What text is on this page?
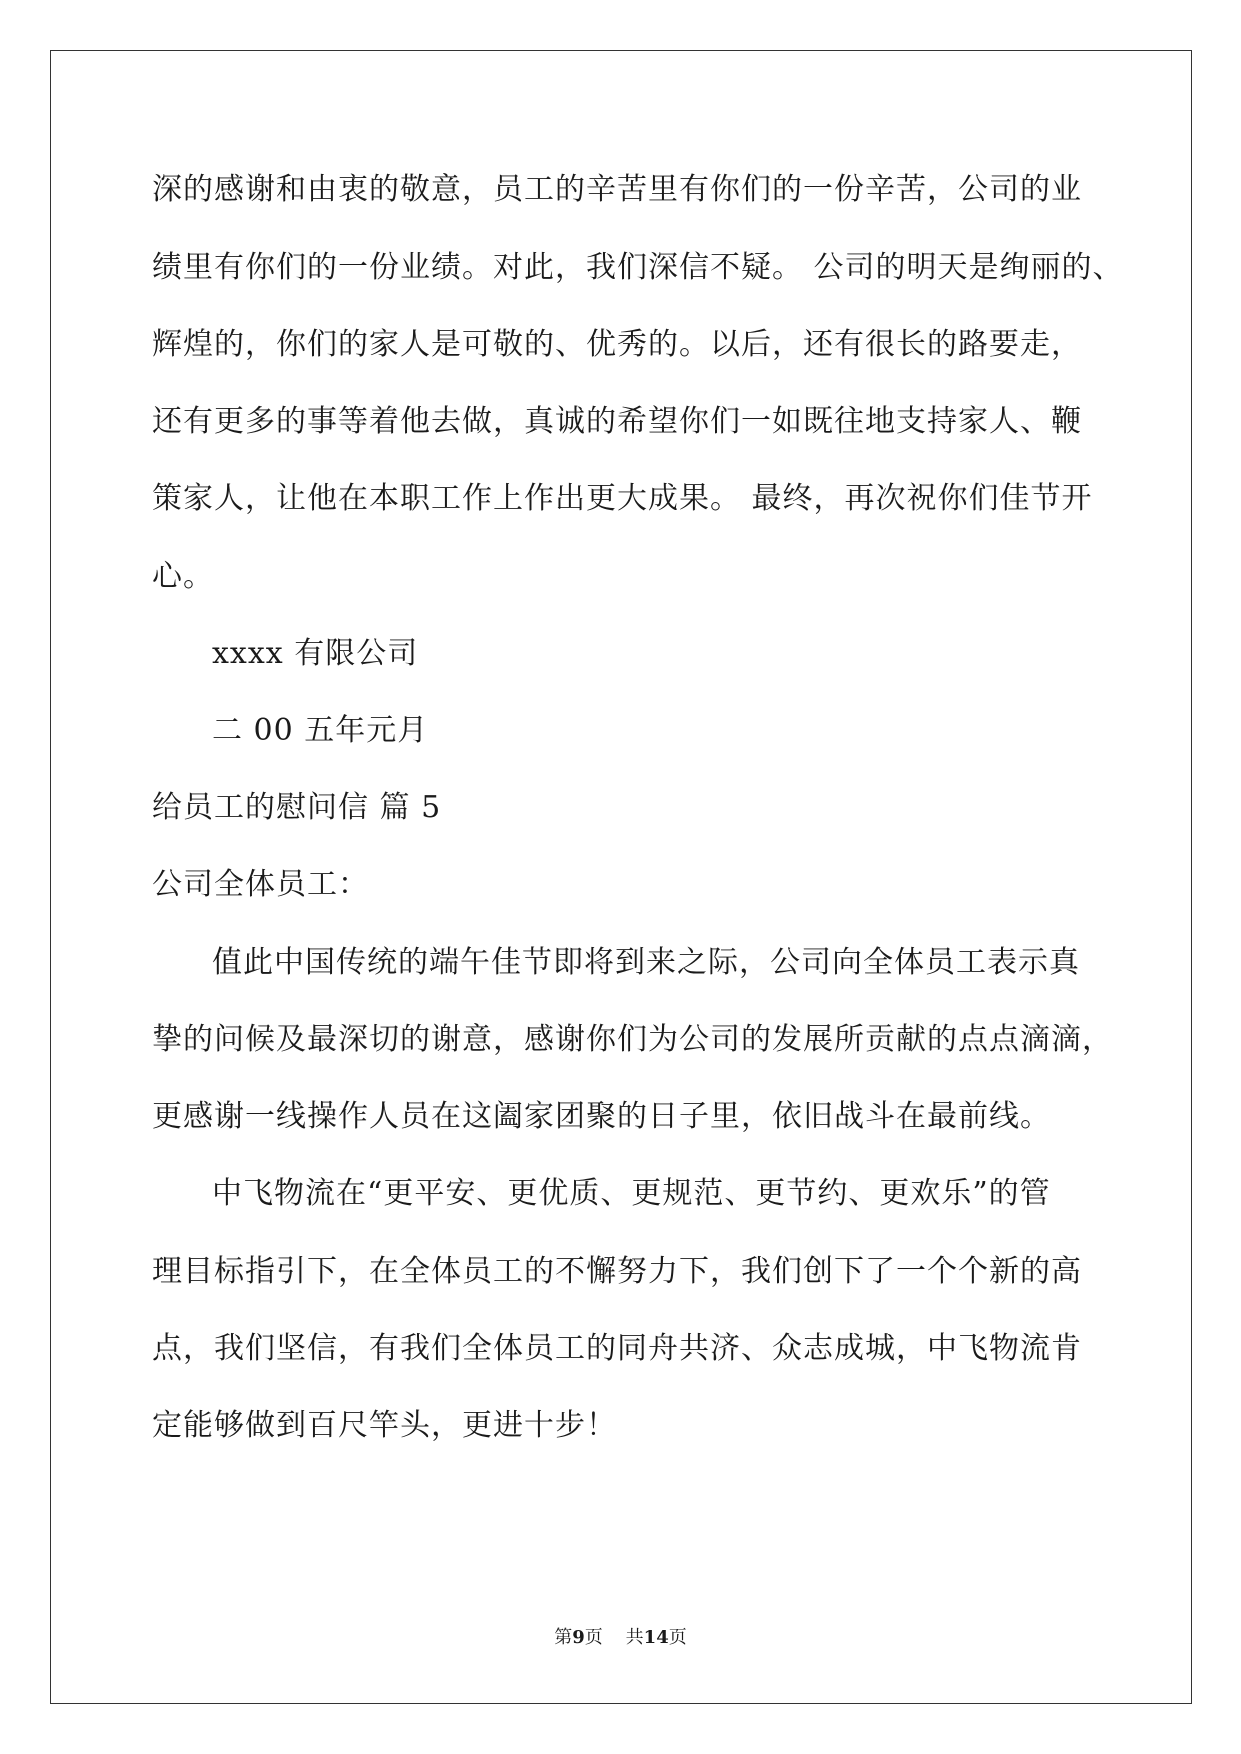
深的感谢和由衷的敬意，员工的辛苦里有你们的一份辛苦，公司的业
绩里有你们的一份业绩。对此，我们深信不疑。 公司的明天是绚丽的、
辉煌的，你们的家人是可敬的、优秀的。以后，还有很长的路要走，
还有更多的事等着他去做，真诚的希望你们一如既往地支持家人、鞭
策家人，让他在本职工作上作出更大成果。 最终，再次祝你们佳节开
心。
xxxx 有限公司
二 00 五年元月
给员工的慰问信 篇 5
公司全体员工：
值此中国传统的端午佳节即将到来之际，公司向全体员工表示真
挚的问候及最深切的谢意，感谢你们为公司的发展所贡献的点点滴滴，
更感谢一线操作人员在这阖家团聚的日子里，依旧战斗在最前线。
中飞物流在“更平安、更优质、更规范、更节约、更欢乐”的管
理目标指引下，在全体员工的不懈努力下，我们创下了一个个新的高
点，我们坚信，有我们全体员工的同舟共济、众志成城，中飞物流肯
定能够做到百尺竿头，更进十步！
第9页 共14页
